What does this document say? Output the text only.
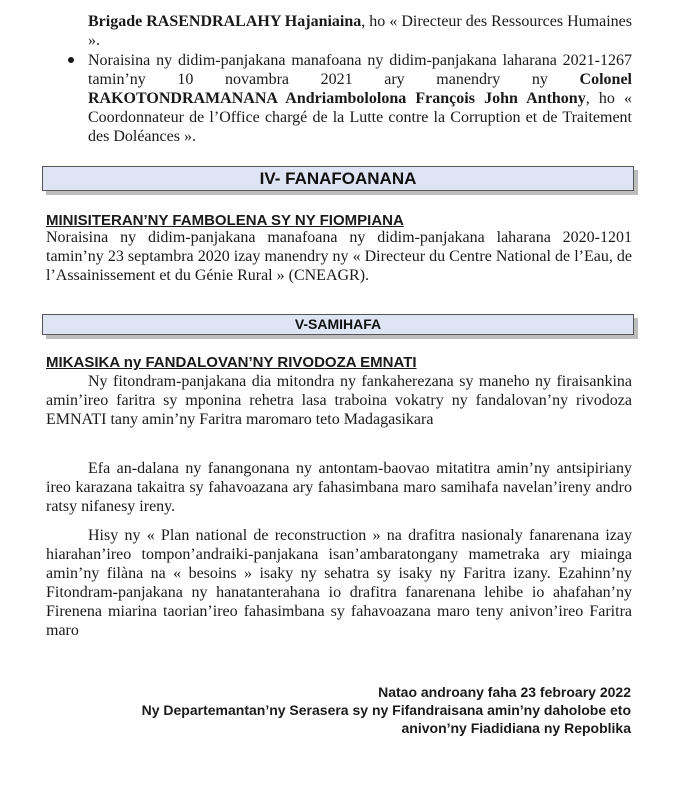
Brigade RASENDRALAHY Hajaniaina, ho « Directeur des Ressources Humaines ».
Noraisina ny didim-panjakana manafoana ny didim-panjakana laharana 2021-1267 tamin’ny 10 novambra 2021 ary manendry ny Colonel RAKOTONDRAMANANA Andriambololona François John Anthony, ho « Coordonnateur de l’Office chargé de la Lutte contre la Corruption et de Traitement des Doléances ».
IV- FANAFOANANA
MINISITERAN’NY FAMBOLENA SY NY FIOMPIANA
Noraisina ny didim-panjakana manafoana ny didim-panjakana laharana 2020-1201 tamin’ny 23 septambra 2020 izay manendry ny « Directeur du Centre National de l’Eau, de l’Assainissement et du Génie Rural » (CNEAGR).
V-SAMIHAFA
MIKASIKA ny FANDALOVAN’NY RIVODOZA EMNATI
Ny fitondram-panjakana dia mitondra ny fankaherezana sy maneho ny firaisankina amin’ireo faritra sy mponina rehetra lasa traboina vokatry ny fandalovan’ny rivodoza EMNATI tany amin’ny Faritra maromaro teto Madagasikara
Efa an-dalana ny fanangonana ny antontam-baovao mitatitra amin’ny antsipiriany ireo karazana takaitra sy fahavoazana ary fahasimbana maro samihafa navelan’ireny andro ratsy nifanesy ireny.
Hisy ny « Plan national de reconstruction » na drafitra nasionaly fanarenana izay hiarahan’ireo tompon’andraiki-panjakana isan’ambaratongany mametraka ary miainga amin’ny filàna na « besoins » isaky ny sehatra sy isaky ny Faritra izany. Ezahinn’ny Fitondram-panjakana ny hanatanterahana io drafitra fanarenana lehibe io ahafahan’ny Firenena miarina taorian’ireo fahasimbana sy fahavoazana maro teny anivon’ireo Faritra maro
Natao androany faha 23 febroary 2022
Ny Departemantan’ny Serasera sy ny Fifandraisana amin’ny daholobe eto
anivon’ny Fiadidiana ny Repoblika
